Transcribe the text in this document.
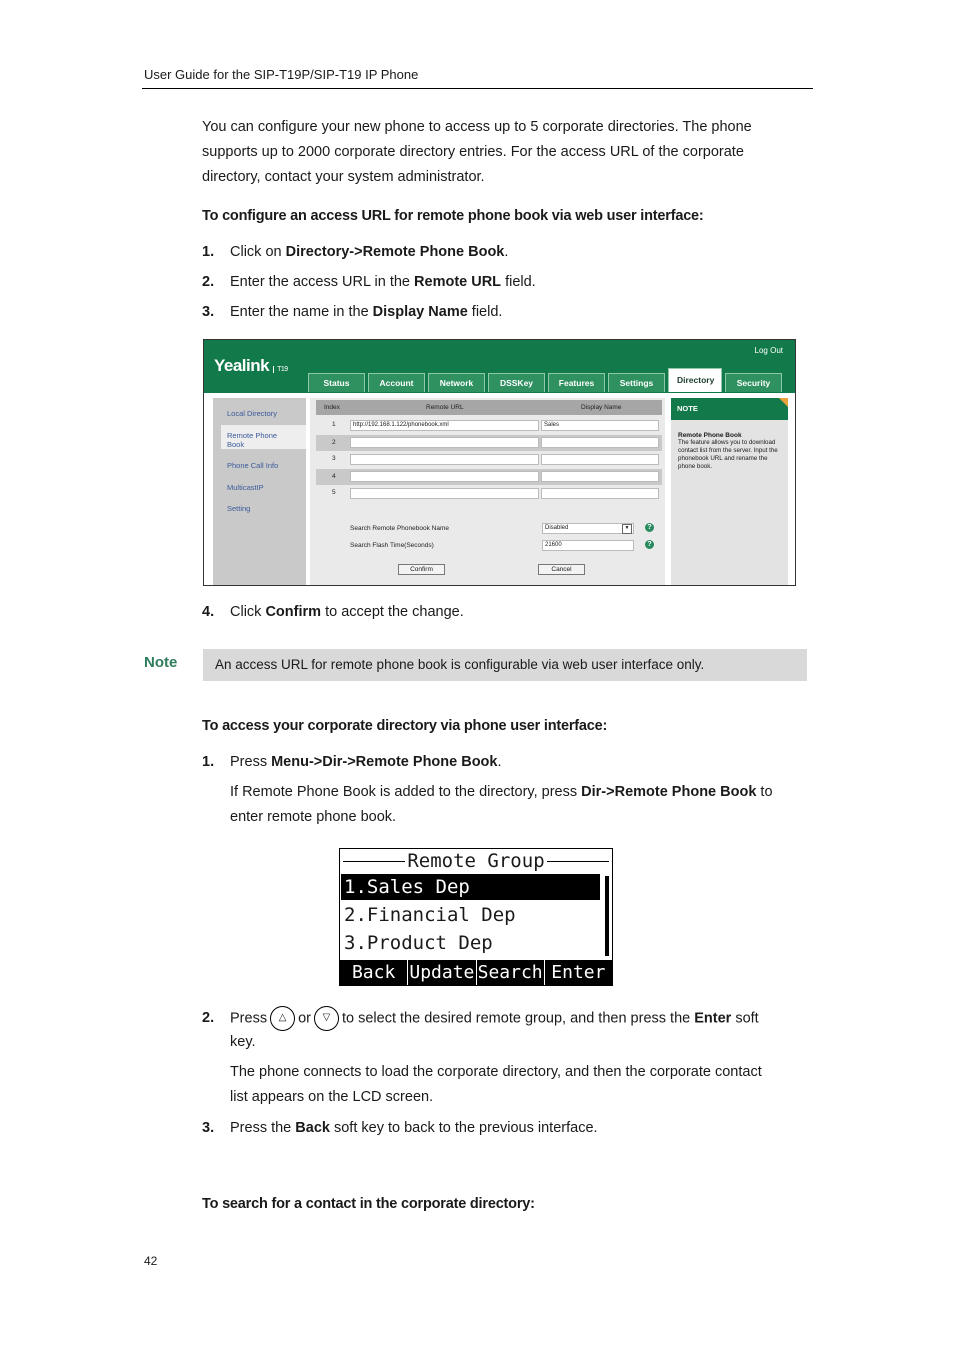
User Guide for the SIP-T19P/SIP-T19 IP Phone
You can configure your new phone to access up to 5 corporate directories. The phone
supports up to 2000 corporate directory entries. For the access URL of the corporate
directory, contact your system administrator.
To configure an access URL for remote phone book via web user interface:
1. Click on Directory->Remote Phone Book.
2. Enter the access URL in the Remote URL field.
3. Enter the name in the Display Name field.
Yealink T19
Log Out
Status	Account	Network	DSSKey	Features	Settings	Directory	Security
Local Directory
Remote Phone
Book
Phone Call Info
MulticastIP
Setting
Index	Remote URL	Display Name
1	http://192.168.1.122/phonebook.xml	Sales
2
3
4
5
Search Remote Phonebook Name	Disabled	▼	?
Search Flash Time(Seconds)	21600	?
Confirm	Cancel
NOTE
Remote Phone Book
The feature allows you to download contact list from the server. Input the phonebook URL and rename the phone book.
4. Click Confirm to accept the change.
Note	An access URL for remote phone book is configurable via web user interface only.
To access your corporate directory via phone user interface:
1. Press Menu->Dir->Remote Phone Book.
If Remote Phone Book is added to the directory, press Dir->Remote Phone Book to
enter remote phone book.
Remote Group
1.Sales Dep
2.Financial Dep
3.Product Dep
Back Update Search Enter
2. Press △ or ▽ to select the desired remote group, and then press the Enter soft
key.
The phone connects to load the corporate directory, and then the corporate contact
list appears on the LCD screen.
3. Press the Back soft key to back to the previous interface.
To search for a contact in the corporate directory:
42
